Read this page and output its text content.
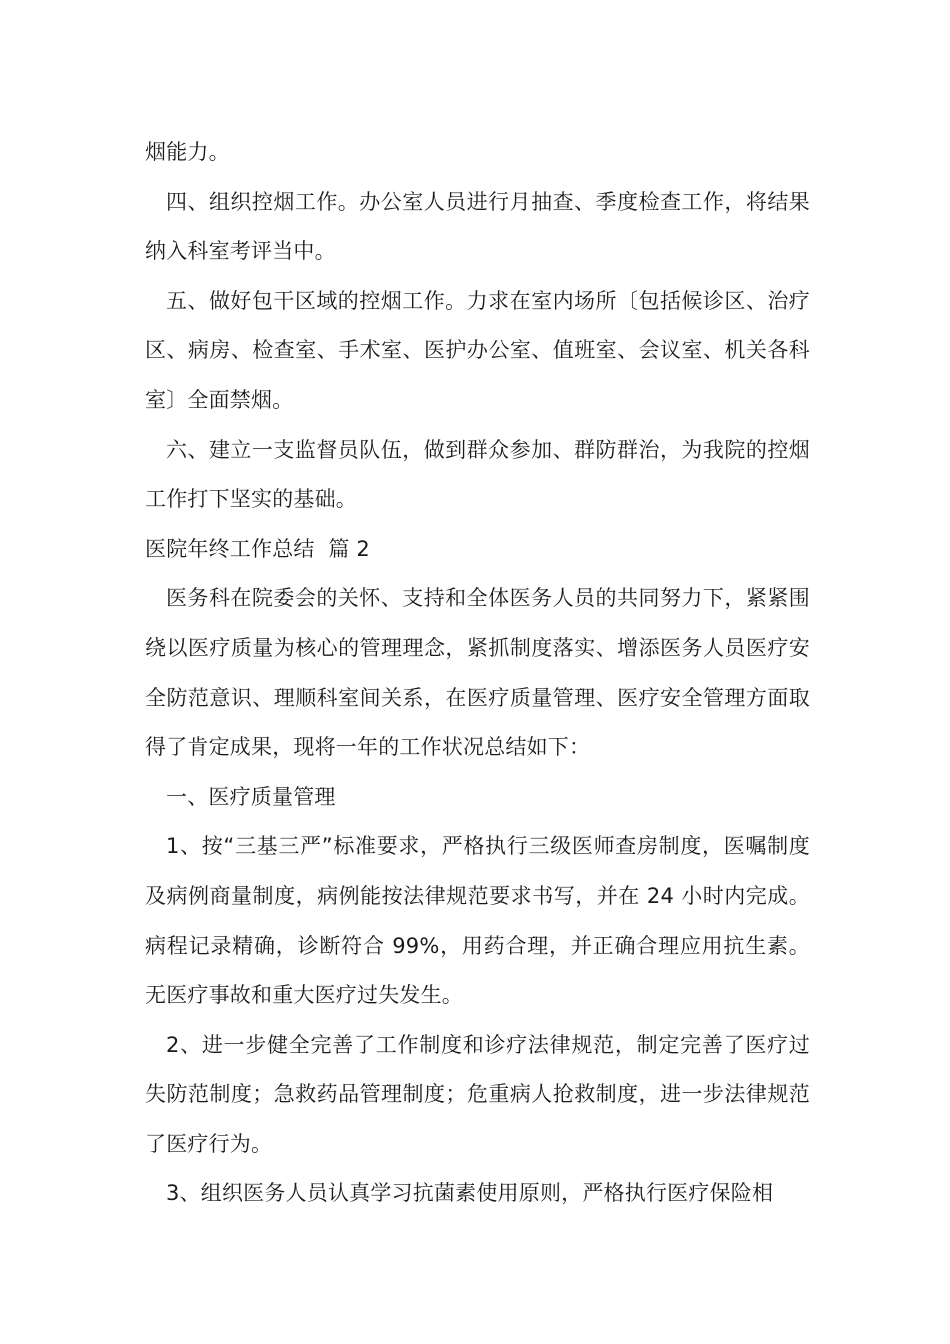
烟能力。

四、组织控烟工作。办公室人员进行月抽查、季度检查工作，将结果纳入科室考评当中。

五、做好包干区域的控烟工作。力求在室内场所〔包括候诊区、治疗区、病房、检查室、手术室、医护办公室、值班室、会议室、机关各科室〕全面禁烟。

六、建立一支监督员队伍，做到群众参加、群防群治，为我院的控烟工作打下坚实的基础。

医院年终工作总结  篇 2

医务科在院委会的关怀、支持和全体医务人员的共同努力下，紧紧围绕以医疗质量为核心的管理理念，紧抓制度落实、增添医务人员医疗安全防范意识、理顺科室间关系，在医疗质量管理、医疗安全管理方面取得了肯定成果，现将一年的工作状况总结如下：

一、医疗质量管理

1、按“三基三严”标准要求，严格执行三级医师查房制度，医嘱制度及病例商量制度，病例能按法律规范要求书写，并在 24 小时内完成。病程记录精确，诊断符合 99%，用药合理，并正确合理应用抗生素。无医疗事故和重大医疗过失发生。

2、进一步健全完善了工作制度和诊疗法律规范，制定完善了医疗过失防范制度；急救药品管理制度；危重病人抢救制度，进一步法律规范了医疗行为。

3、组织医务人员认真学习抗菌素使用原则，严格执行医疗保险相
